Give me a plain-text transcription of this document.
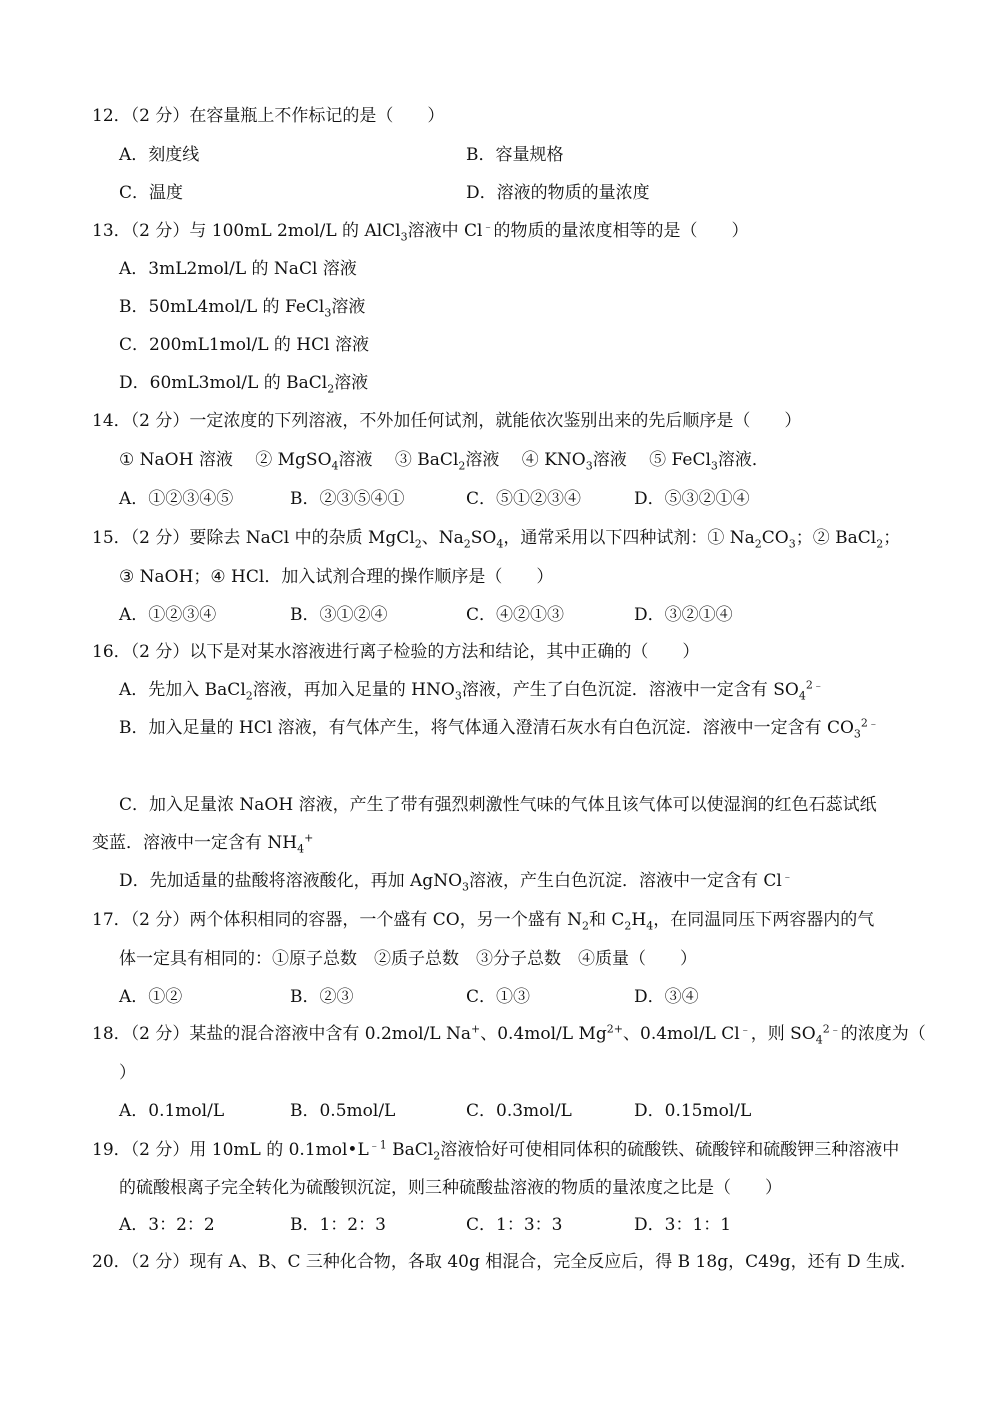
12．（2 分）在容量瓶上不作标记的是（　　）
A．刻度线	B．容量规格
C．温度	D．溶液的物质的量浓度
13．（2 分）与 100mL 2mol/L 的 AlCl$_3$溶液中 Cl﹣的物质的量浓度相等的是（　　）
A．3mL2mol/L 的 NaCl 溶液
B．50mL4mol/L 的 FeCl$_3$溶液
C．200mL1mol/L 的 HCl 溶液
D．60mL3mol/L 的 BaCl$_2$溶液
14．（2 分）一定浓度的下列溶液，不外加任何试剂，就能依次鉴别出来的先后顺序是（　　）
① NaOH 溶液　 ② MgSO$_4$溶液　 ③ BaCl$_2$溶液　 ④ $KNO_3$溶液　 ⑤ FeCl$_3$溶液．
A．①②③④⑤	B．②③⑤④①	C．⑤①②③④	D．⑤③②①④
15．（2 分）要除去 NaCl 中的杂质 MgCl$_2$、$Na_2SO_4$，通常采用以下四种试剂：① $Na_2CO_3$；② BaCl$_2$；
③ NaOH；④ HCl．加入试剂合理的操作顺序是（　　）
A．①②③④	B．③①②④	C．④②①③	D．③②①④
16．（2 分）以下是对某水溶液进行离子检验的方法和结论，其中正确的（　　）
A．先加入 BaCl$_2$溶液，再加入足量的 $HNO_3$溶液，产生了白色沉淀．溶液中一定含有 $SO_4^{2﹣}$
B．加入足量的 HCl 溶液，有气体产生，将气体通入澄清石灰水有白色沉淀．溶液中一定含有 $CO_3^{2﹣}$
C．加入足量浓 NaOH 溶液，产生了带有强烈刺激性气味的气体且该气体可以使湿润的红色石蕊试纸
变蓝．溶液中一定含有 $NH_4^+$
D．先加适量的盐酸将溶液酸化，再加 AgNO$_3$溶液，产生白色沉淀．溶液中一定含有 Cl﹣
17．（2 分）两个体积相同的容器，一个盛有 CO，另一个盛有 $N_2$和 $C_2H_4$，在同温同压下两容器内的气
体一定具有相同的：①原子总数　②质子总数　③分子总数　④质量（　　）
A．①②	B．②③	C．①③	D．③④
18．（2 分）某盐的混合溶液中含有 0.2mol/L Na+、0.4mol/L $Mg^{2+}$、0.4mol/L Cl﹣，则 $SO_4^{2﹣}$的浓度为（
）
A．0.1mol/L	B．0.5mol/L	C．0.3mol/L	D．0.15mol/L
19．（2 分）用 10mL 的 $0.1mol•L^{﹣1}$ BaCl$_2$溶液恰好可使相同体积的硫酸铁、硫酸锌和硫酸钾三种溶液中
的硫酸根离子完全转化为硫酸钡沉淀，则三种硫酸盐溶液的物质的量浓度之比是（　　）
A．3：2：2	B．1：2：3	C．1：3：3	D．3：1：1
20．（2 分）现有 A、B、C 三种化合物，各取 40g 相混合，完全反应后，得 B 18g，C49g，还有 D 生成．
